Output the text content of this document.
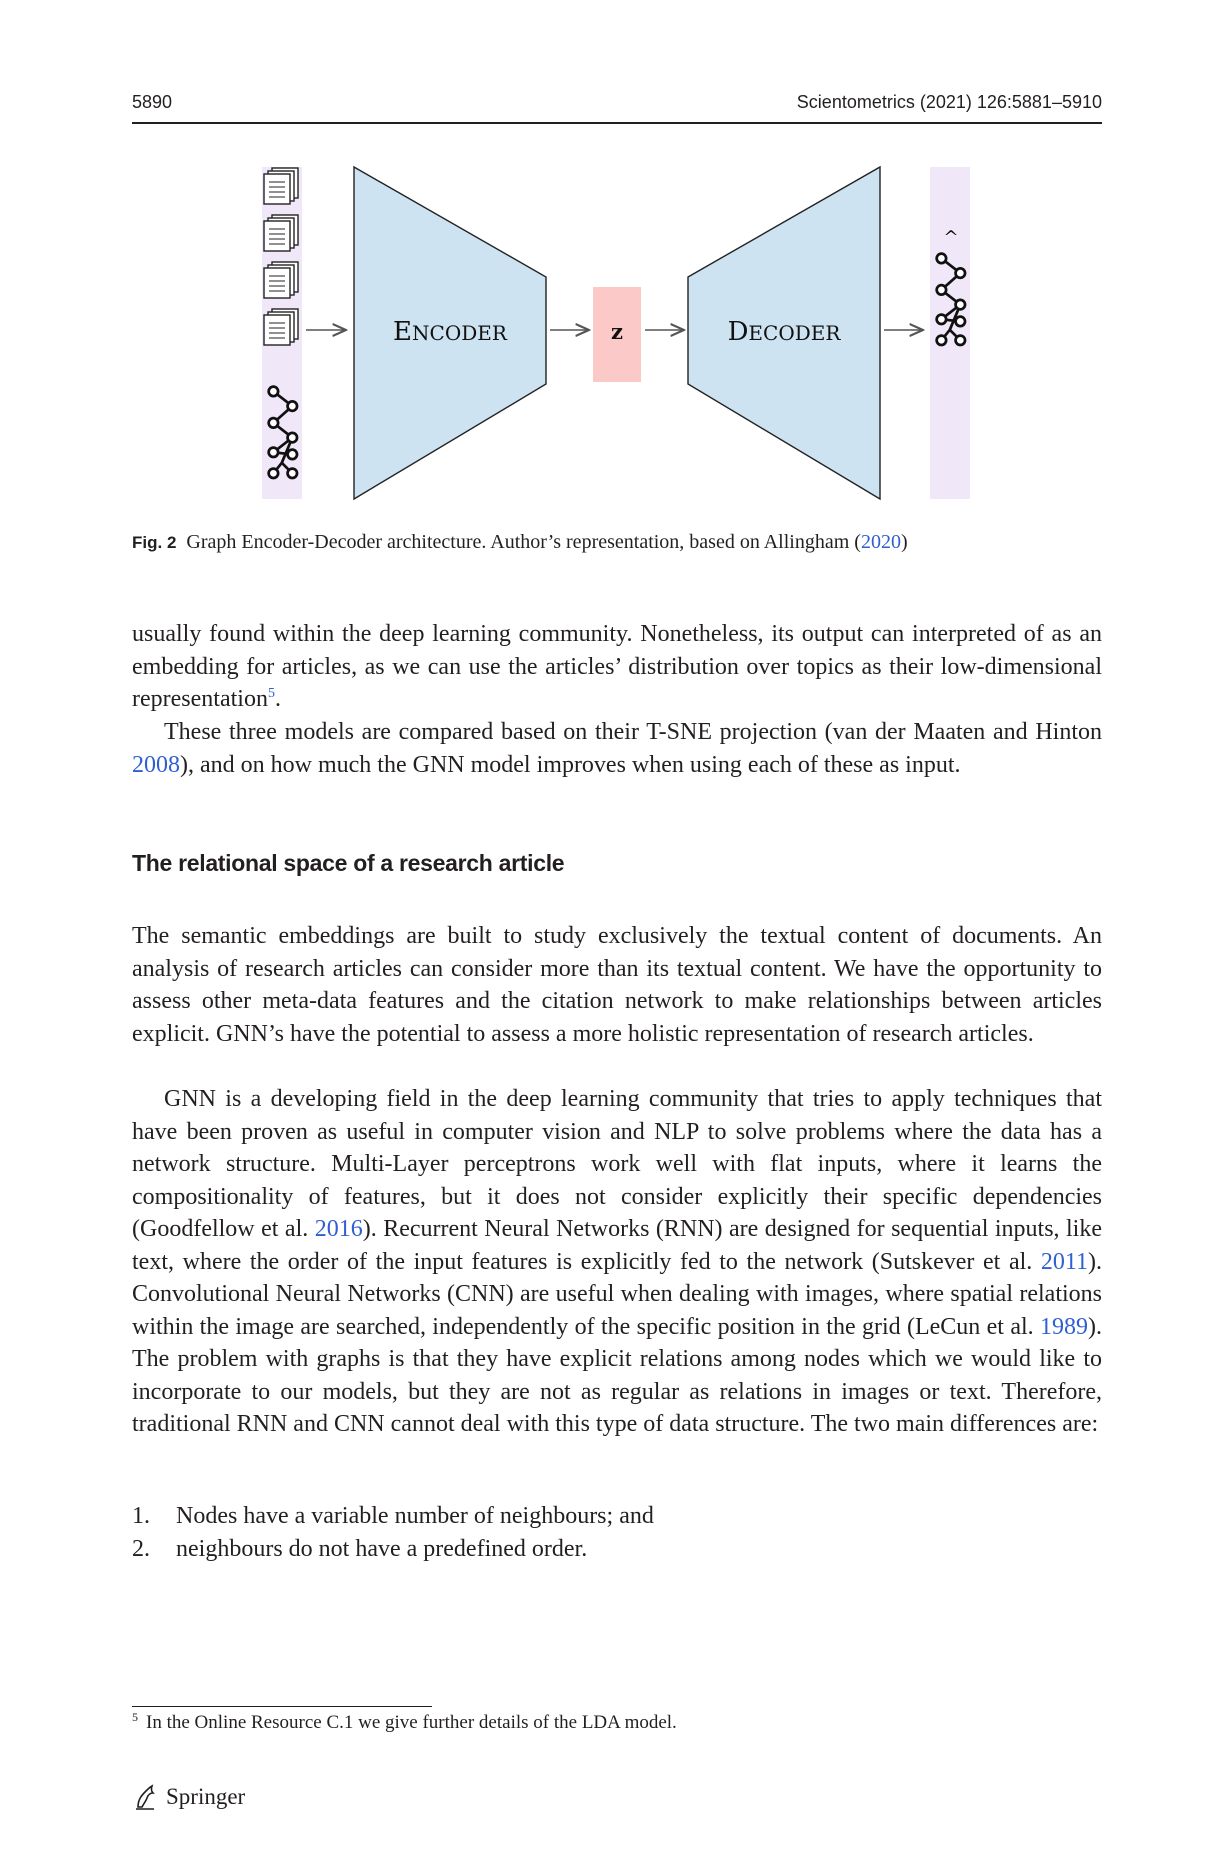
5890	Scientometrics (2021) 126:5881–5910
ENCODER	z	DECODER
^
Fig. 2 Graph Encoder-Decoder architecture. Author’s representation, based on Allingham (2020)

usually found within the deep learning community. Nonetheless, its output can interpreted of as an embedding for articles, as we can use the articles’ distribution over topics as their low-dimensional representation$^5$.

These three models are compared based on their T-SNE projection (van der Maaten and Hinton 2008), and on how much the GNN model improves when using each of these as input.

The relational space of a research article

The semantic embeddings are built to study exclusively the textual content of documents. An analysis of research articles can consider more than its textual content. We have the opportunity to assess other meta-data features and the citation network to make relationships between articles explicit. GNN’s have the potential to assess a more holistic representation of research articles.

GNN is a developing field in the deep learning community that tries to apply techniques that have been proven as useful in computer vision and NLP to solve problems where the data has a network structure. Multi-Layer perceptrons work well with flat inputs, where it learns the compositionality of features, but it does not consider explicitly their specific dependencies (Goodfellow et al. 2016). Recurrent Neural Networks (RNN) are designed for sequential inputs, like text, where the order of the input features is explicitly fed to the network (Sutskever et al. 2011). Convolutional Neural Networks (CNN) are useful when dealing with images, where spatial relations within the image are searched, independently of the specific position in the grid (LeCun et al. 1989). The problem with graphs is that they have explicit relations among nodes which we would like to incorporate to our models, but they are not as regular as relations in images or text. Therefore, traditional RNN and CNN cannot deal with this type of data structure. The two main differences are:

1. Nodes have a variable number of neighbours; and
2. neighbours do not have a predefined order.
$^5$ In the Online Resource C.1 we give further details of the LDA model.
Springer
